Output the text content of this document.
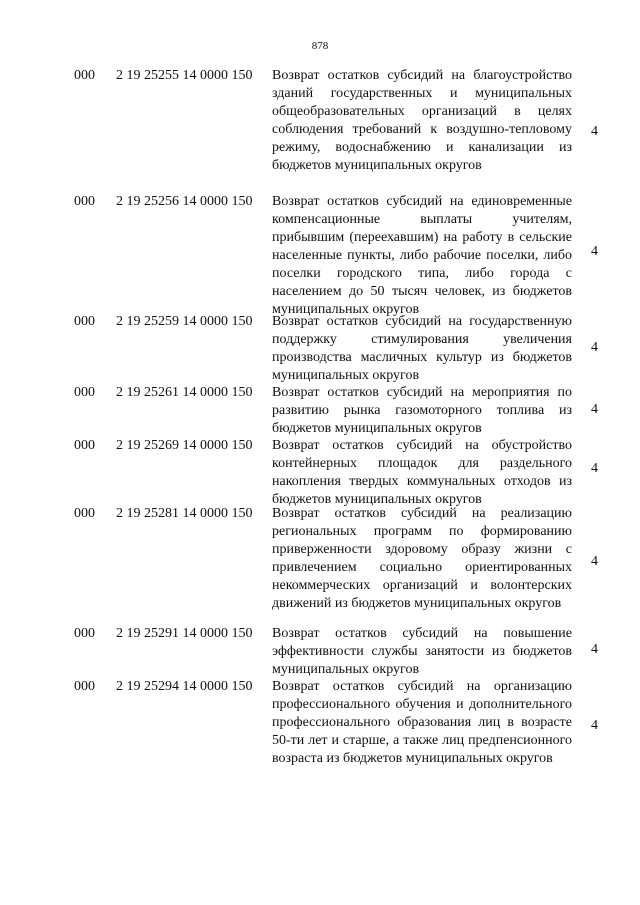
878
000 2 19 25255 14 0000 150 Возврат остатков субсидий на благоустройство зданий государственных и муниципальных общеобразовательных организаций в целях соблюдения требований к воздушно-тепловому режиму, водоснабжению и канализации из бюджетов муниципальных округов
4
000 2 19 25256 14 0000 150 Возврат остатков субсидий на единовременные компенсационные выплаты учителям, прибывшим (переехавшим) на работу в сельские населенные пункты, либо рабочие поселки, либо поселки городского типа, либо города с населением до 50 тысяч человек, из бюджетов муниципальных округов
4
000 2 19 25259 14 0000 150 Возврат остатков субсидий на государственную поддержку стимулирования увеличения производства масличных культур из бюджетов муниципальных округов
4
000 2 19 25261 14 0000 150 Возврат остатков субсидий на мероприятия по развитию рынка газомоторного топлива из бюджетов муниципальных округов
4
000 2 19 25269 14 0000 150 Возврат остатков субсидий на обустройство контейнерных площадок для раздельного накопления твердых коммунальных отходов из бюджетов муниципальных округов
4
000 2 19 25281 14 0000 150 Возврат остатков субсидий на реализацию региональных программ по формированию приверженности здоровому образу жизни с привлечением социально ориентированных некоммерческих организаций и волонтерских движений из бюджетов муниципальных округов
4
000 2 19 25291 14 0000 150 Возврат остатков субсидий на повышение эффективности службы занятости из бюджетов муниципальных округов
4
000 2 19 25294 14 0000 150 Возврат остатков субсидий на организацию профессионального обучения и дополнительного профессионального образования лиц в возрасте 50-ти лет и старше, а также лиц предпенсионного возраста из бюджетов муниципальных округов
4
